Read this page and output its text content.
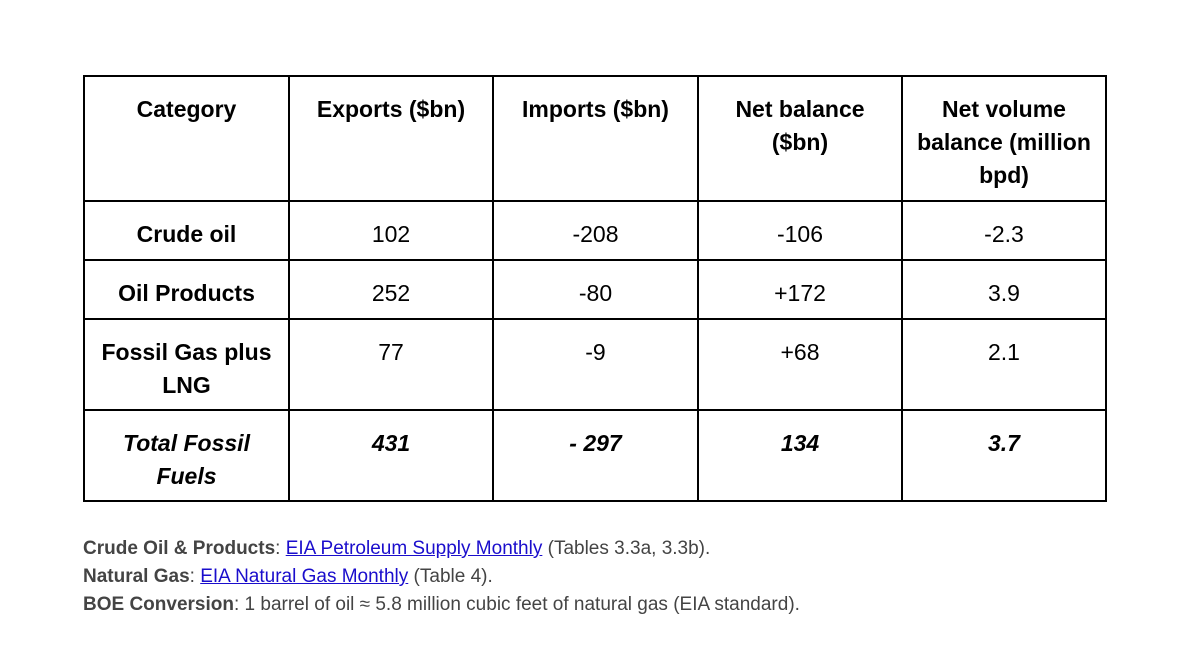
Category	Exports ($bn)	Imports ($bn)	Net balance ($bn)	Net volume balance (million bpd)
Crude oil	102	-208	-106	-2.3
Oil Products	252	-80	+172	3.9
Fossil Gas plus LNG	77	-9	+68	2.1
Total Fossil Fuels	431	- 297	134	3.7
Crude Oil & Products: EIA Petroleum Supply Monthly (Tables 3.3a, 3.3b).
Natural Gas: EIA Natural Gas Monthly (Table 4).
BOE Conversion: 1 barrel of oil ≈ 5.8 million cubic feet of natural gas (EIA standard).
